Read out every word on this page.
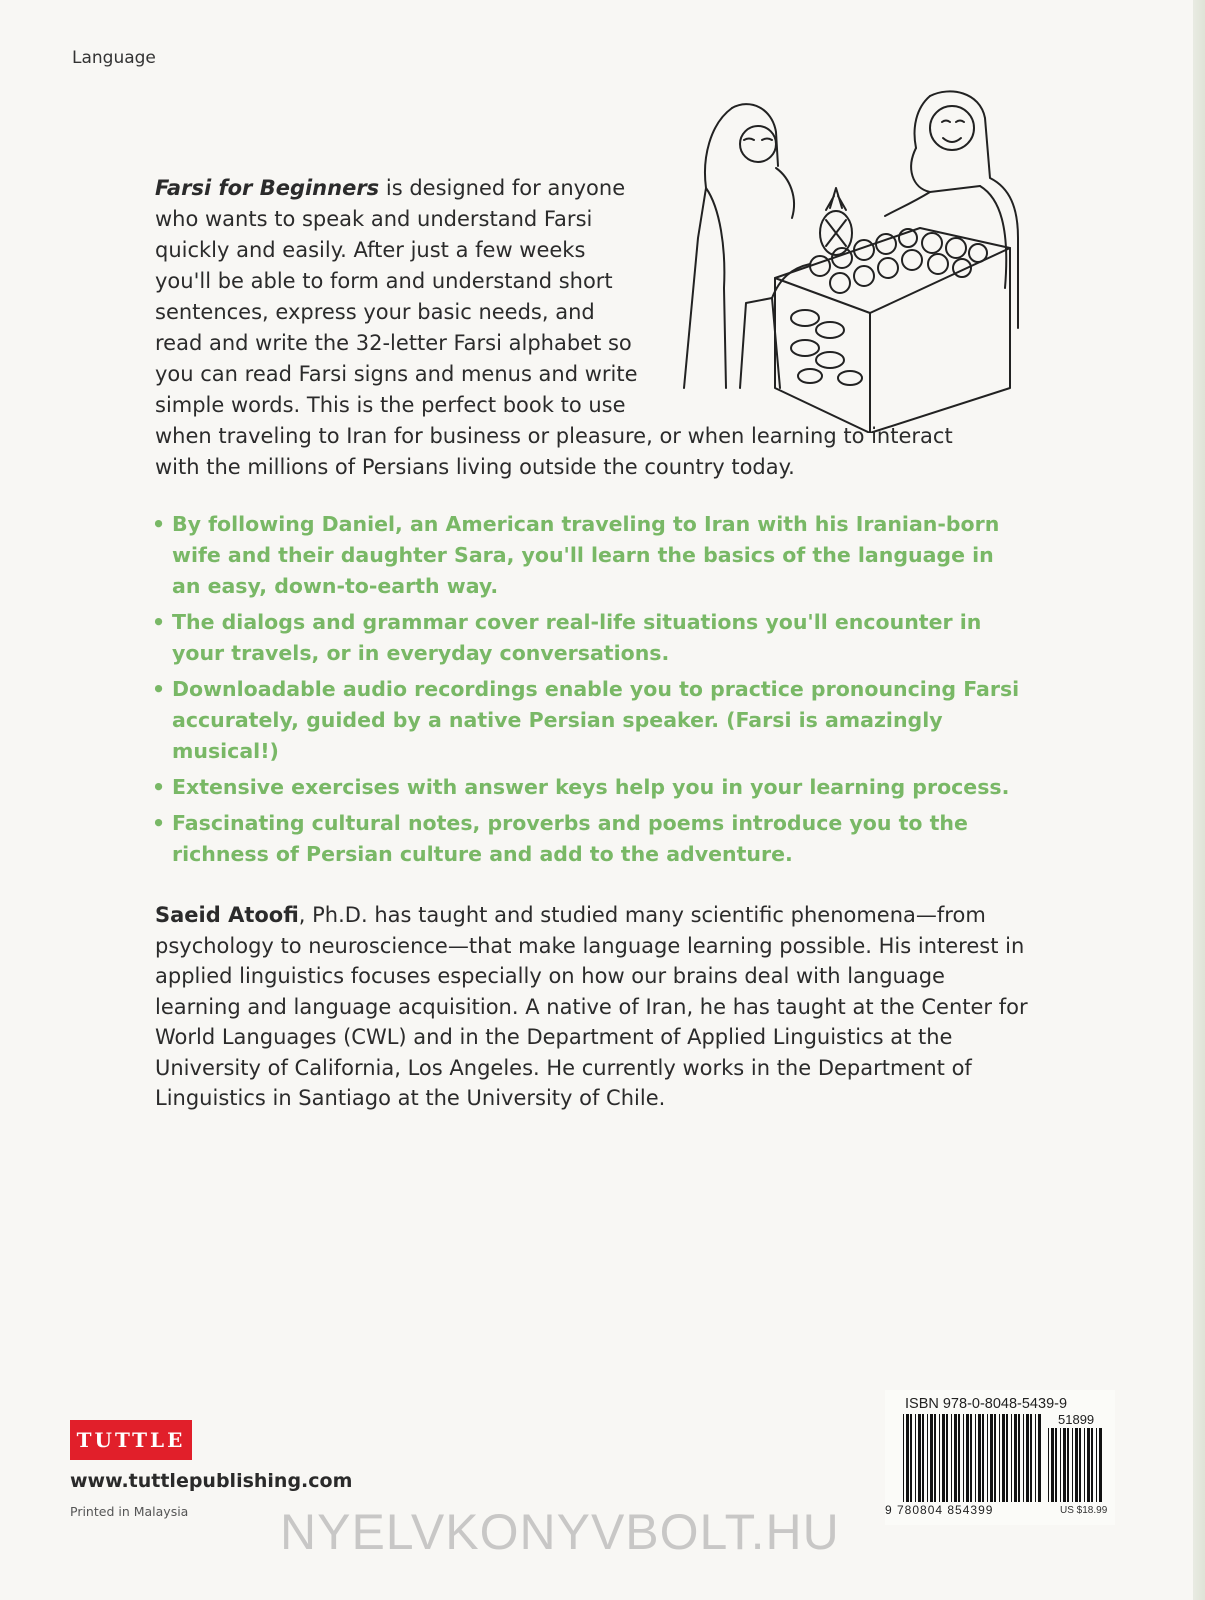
Language
Farsi for Beginners is designed for anyone
who wants to speak and understand Farsi
quickly and easily. After just a few weeks
you'll be able to form and understand short
sentences, express your basic needs, and
read and write the 32-letter Farsi alphabet so
you can read Farsi signs and menus and write
simple words. This is the perfect book to use
when traveling to Iran for business or pleasure, or when learning to interact
with the millions of Persians living outside the country today.
• By following Daniel, an American traveling to Iran with his Iranian-born wife and their daughter Sara, you'll learn the basics of the language in an easy, down-to-earth way.
• The dialogs and grammar cover real-life situations you'll encounter in your travels, or in everyday conversations.
• Downloadable audio recordings enable you to practice pronouncing Farsi accurately, guided by a native Persian speaker. (Farsi is amazingly musical!)
• Extensive exercises with answer keys help you in your learning process.
• Fascinating cultural notes, proverbs and poems introduce you to the richness of Persian culture and add to the adventure.
Saeid Atoofi, Ph.D. has taught and studied many scientific phenomena—from psychology to neuroscience—that make language learning possible. His interest in applied linguistics focuses especially on how our brains deal with language learning and language acquisition. A native of Iran, he has taught at the Center for World Languages (CWL) and in the Department of Applied Linguistics at the University of California, Los Angeles. He currently works in the Department of Linguistics in Santiago at the University of Chile.
TUTTLE
www.tuttlepublishing.com
Printed in Malaysia
ISBN 978-0-8048-5439-9
51899
9 780804 854399	US $18.99
NYELVKONYVBOLT.HU
